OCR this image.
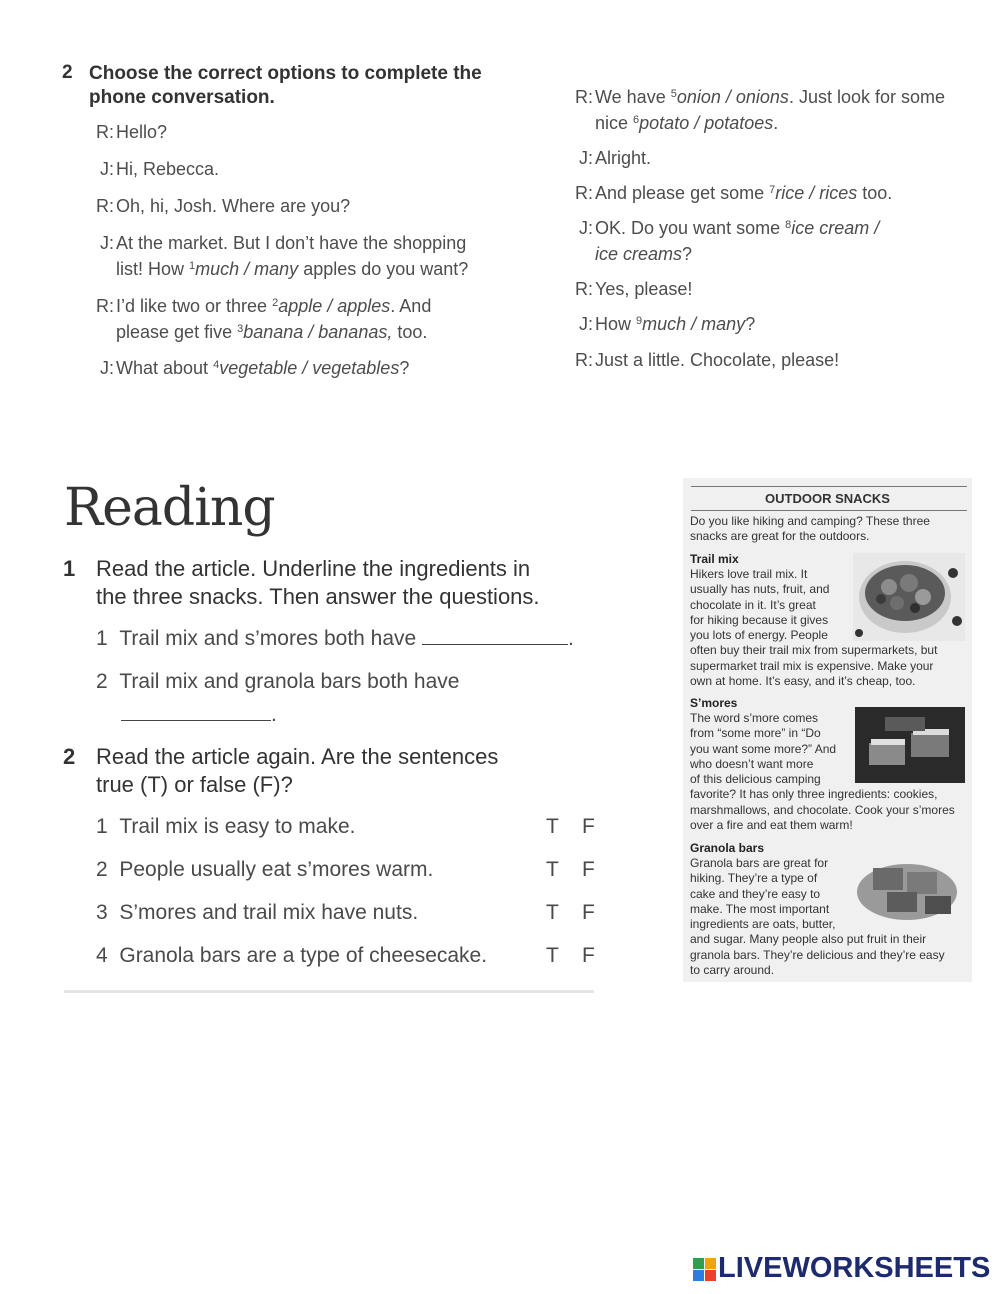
2 Choose the correct options to complete the phone conversation.
R: Hello?
J: Hi, Rebecca.
R: Oh, hi, Josh. Where are you?
J: At the market. But I don’t have the shopping
list! How $^1$much / many apples do you want?
R: I’d like two or three $^2$apple / apples. And
please get five $^3$banana / bananas, too.
J: What about $^4$vegetable / vegetables?
R: We have $^5$onion / onions. Just look for some
nice $^6$potato / potatoes.
J: Alright.
R: And please get some $^7$rice / rices too.
J: OK. Do you want some $^8$ice cream /
ice creams?
R: Yes, please!
J: How $^9$much / many?
R: Just a little. Chocolate, please!
Reading
1 Read the article. Underline the ingredients in
the three snacks. Then answer the questions.
1 Trail mix and s’mores both have	.
2 Trail mix and granola bars both have
.
2 Read the article again. Are the sentences
true (T) or false (F)?
1 Trail mix is easy to make.	T F
2 People usually eat s’mores warm.	T F
3 S’mores and trail mix have nuts.	T F
4 Granola bars are a type of cheesecake.	T F
OUTDOOR SNACKS
Do you like hiking and camping? These three
snacks are great for the outdoors.
Trail mix
Hikers love trail mix. It
usually has nuts, fruit, and
chocolate in it. It’s great
for hiking because it gives
you lots of energy. People
often buy their trail mix from supermarkets, but
supermarket trail mix is expensive. Make your
own at home. It’s easy, and it’s cheap, too.
S’mores
The word s’more comes
from “some more” in “Do
you want some more?” And
who doesn’t want more
of this delicious camping
favorite? It has only three ingredients: cookies,
marshmallows, and chocolate. Cook your s’mores
over a fire and eat them warm!
Granola bars
Granola bars are great for
hiking. They’re a type of
cake and they’re easy to
make. The most important
ingredients are oats, butter,
and sugar. Many people also put fruit in their
granola bars. They’re delicious and they’re easy
to carry around.
LIVEWORKSHEETS
